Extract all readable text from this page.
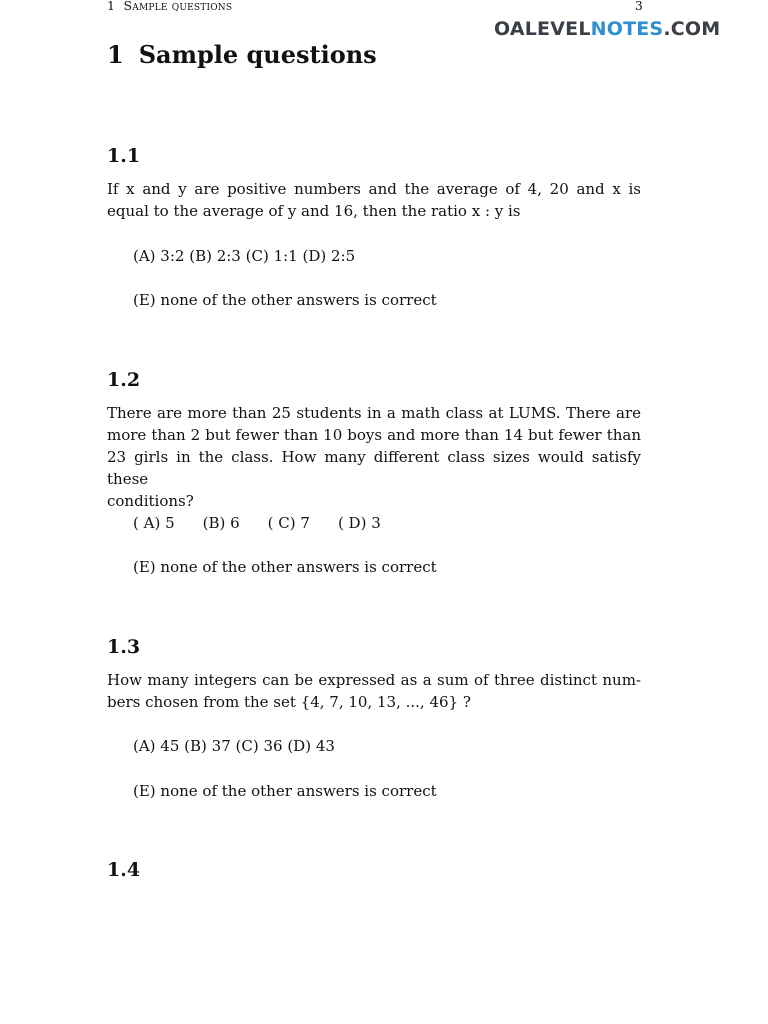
1 Sample questions	3
OALEVELNOTES.COM
1 Sample questions
1.1
If x and y are positive numbers and the average of 4, 20 and x is
equal to the average of y and 16, then the ratio x : y is
(A) 3:2 (B) 2:3 (C) 1:1 (D) 2:5
(E) none of the other answers is correct
1.2
There are more than 25 students in a math class at LUMS. There are
more than 2 but fewer than 10 boys and more than 14 but fewer than
23 girls in the class. How many different class sizes would satisfy these
conditions?
( A) 5 (B) 6 ( C) 7 ( D) 3
(E) none of the other answers is correct
1.3
How many integers can be expressed as a sum of three distinct num-
bers chosen from the set {4, 7, 10, 13, ..., 46} ?
(A) 45 (B) 37 (C) 36 (D) 43
(E) none of the other answers is correct
1.4
